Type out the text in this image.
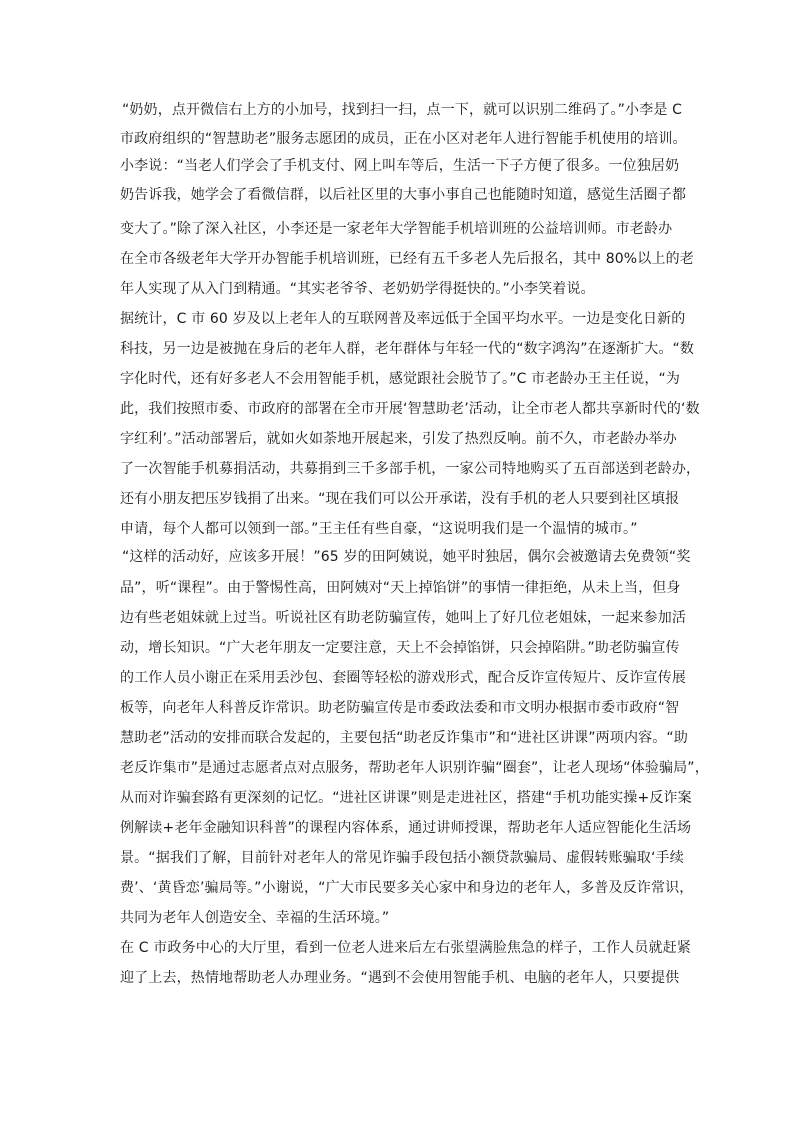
“奶奶，点开微信右上方的小加号，找到扫一扫，点一下，就可以识别二维码了。”小李是 C
市政府组织的“智慧助老”服务志愿团的成员，正在小区对老年人进行智能手机使用的培训。
小李说：“当老人们学会了手机支付、网上叫车等后，生活一下子方便了很多。一位独居奶
奶告诉我，她学会了看微信群，以后社区里的大事小事自己也能随时知道，感觉生活圈子都
变大了。”除了深入社区，小李还是一家老年大学智能手机培训班的公益培训师。市老龄办
在全市各级老年大学开办智能手机培训班，已经有五千多老人先后报名，其中 80%以上的老
年人实现了从入门到精通。“其实老爷爷、老奶奶学得挺快的。”小李笑着说。
据统计，C 市 60 岁及以上老年人的互联网普及率远低于全国平均水平。一边是变化日新的
科技，另一边是被抛在身后的老年人群，老年群体与年轻一代的“数字鸿沟”在逐渐扩大。“数
字化时代，还有好多老人不会用智能手机，感觉跟社会脱节了。”C 市老龄办王主任说，“为
此，我们按照市委、市政府的部署在全市开展‘智慧助老’活动，让全市老人都共享新时代的‘数
字红利’。”活动部署后，就如火如荼地开展起来，引发了热烈反响。前不久，市老龄办举办
了一次智能手机募捐活动，共募捐到三千多部手机，一家公司特地购买了五百部送到老龄办，
还有小朋友把压岁钱捐了出来。“现在我们可以公开承诺，没有手机的老人只要到社区填报
申请，每个人都可以领到一部。”王主任有些自豪，“这说明我们是一个温情的城市。”
“这样的活动好，应该多开展！”65 岁的田阿姨说，她平时独居，偶尔会被邀请去免费领“奖
品”，听“课程”。由于警惕性高，田阿姨对“天上掉馅饼”的事情一律拒绝，从未上当，但身
边有些老姐妹就上过当。听说社区有助老防骗宣传，她叫上了好几位老姐妹，一起来参加活
动，增长知识。“广大老年朋友一定要注意，天上不会掉馅饼，只会掉陷阱。”助老防骗宣传
的工作人员小谢正在采用丢沙包、套圈等轻松的游戏形式，配合反诈宣传短片、反诈宣传展
板等，向老年人科普反诈常识。助老防骗宣传是市委政法委和市文明办根据市委市政府“智
慧助老”活动的安排而联合发起的，主要包括“助老反诈集市”和“进社区讲课”两项内容。“助
老反诈集市”是通过志愿者点对点服务，帮助老年人识别诈骗“圈套”，让老人现场“体验骗局”，
从而对诈骗套路有更深刻的记忆。“进社区讲课”则是走进社区，搭建“手机功能实操+反诈案
例解读+老年金融知识科普”的课程内容体系，通过讲师授课，帮助老年人适应智能化生活场
景。“据我们了解，目前针对老年人的常见诈骗手段包括小额贷款骗局、虚假转账骗取‘手续
费’、‘黄昏恋’骗局等。”小谢说，“广大市民要多关心家中和身边的老年人，多普及反诈常识，
共同为老年人创造安全、幸福的生活环境。”
在 C 市政务中心的大厅里，看到一位老人进来后左右张望满脸焦急的样子，工作人员就赶紧
迎了上去，热情地帮助老人办理业务。“遇到不会使用智能手机、电脑的老年人，只要提供
